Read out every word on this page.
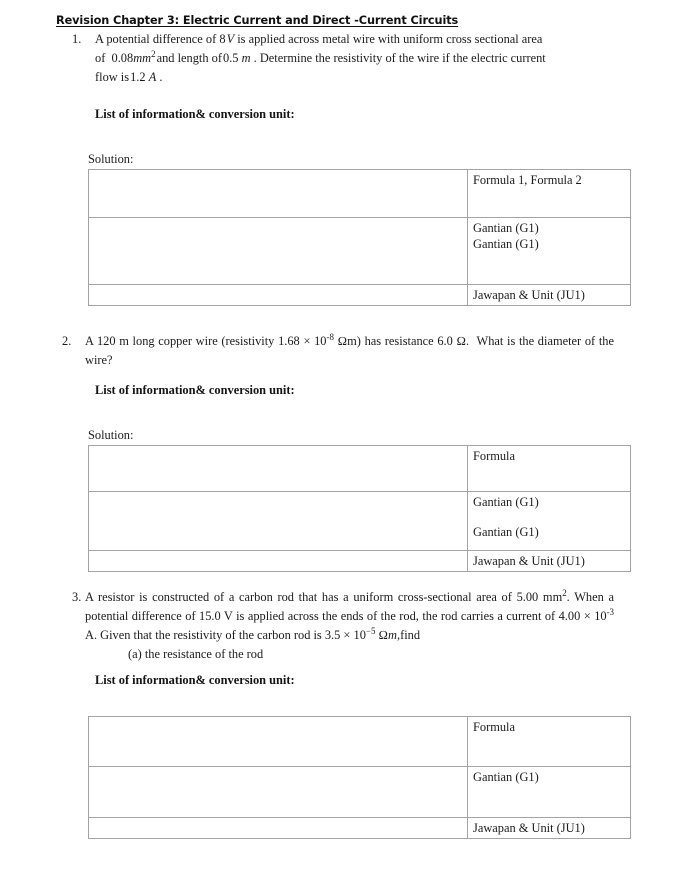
Revision Chapter 3: Electric Current and Direct -Current Circuits
1.	A potential difference of 8 V is applied across metal wire with uniform cross sectional area
of  $0.08mm^2$ and length of 0.5 m . Determine the resistivity of the wire if the electric current
flow is 1.2 A .
List of information& conversion unit:
Solution:

	Formula 1, Formula 2

	Gantian (G1)
Gantian (G1)

	Jawapan & Unit (JU1)
2.	A 120 m long copper wire (resistivity $1.68 \times 10^{-8}$ Ωm) has resistance 6.0 Ω.  What is the diameter of the wire?
List of information& conversion unit:
Solution:

	Formula

	Gantian (G1)
Gantian (G1)

	Jawapan & Unit (JU1)
3. A resistor is constructed of a carbon rod that has a uniform cross-sectional area of 5.00 $mm^2$. When a potential difference of 15.0 V is applied across the ends of the rod, the rod carries a current of $4.00 \times 10^{-3}$ A. Given that the resistivity of the carbon rod is $3.5 \times 10^{-5}$ Ωm,find
(a) the resistance of the rod
List of information& conversion unit:

	Formula

	Gantian (G1)

	Jawapan & Unit (JU1)
